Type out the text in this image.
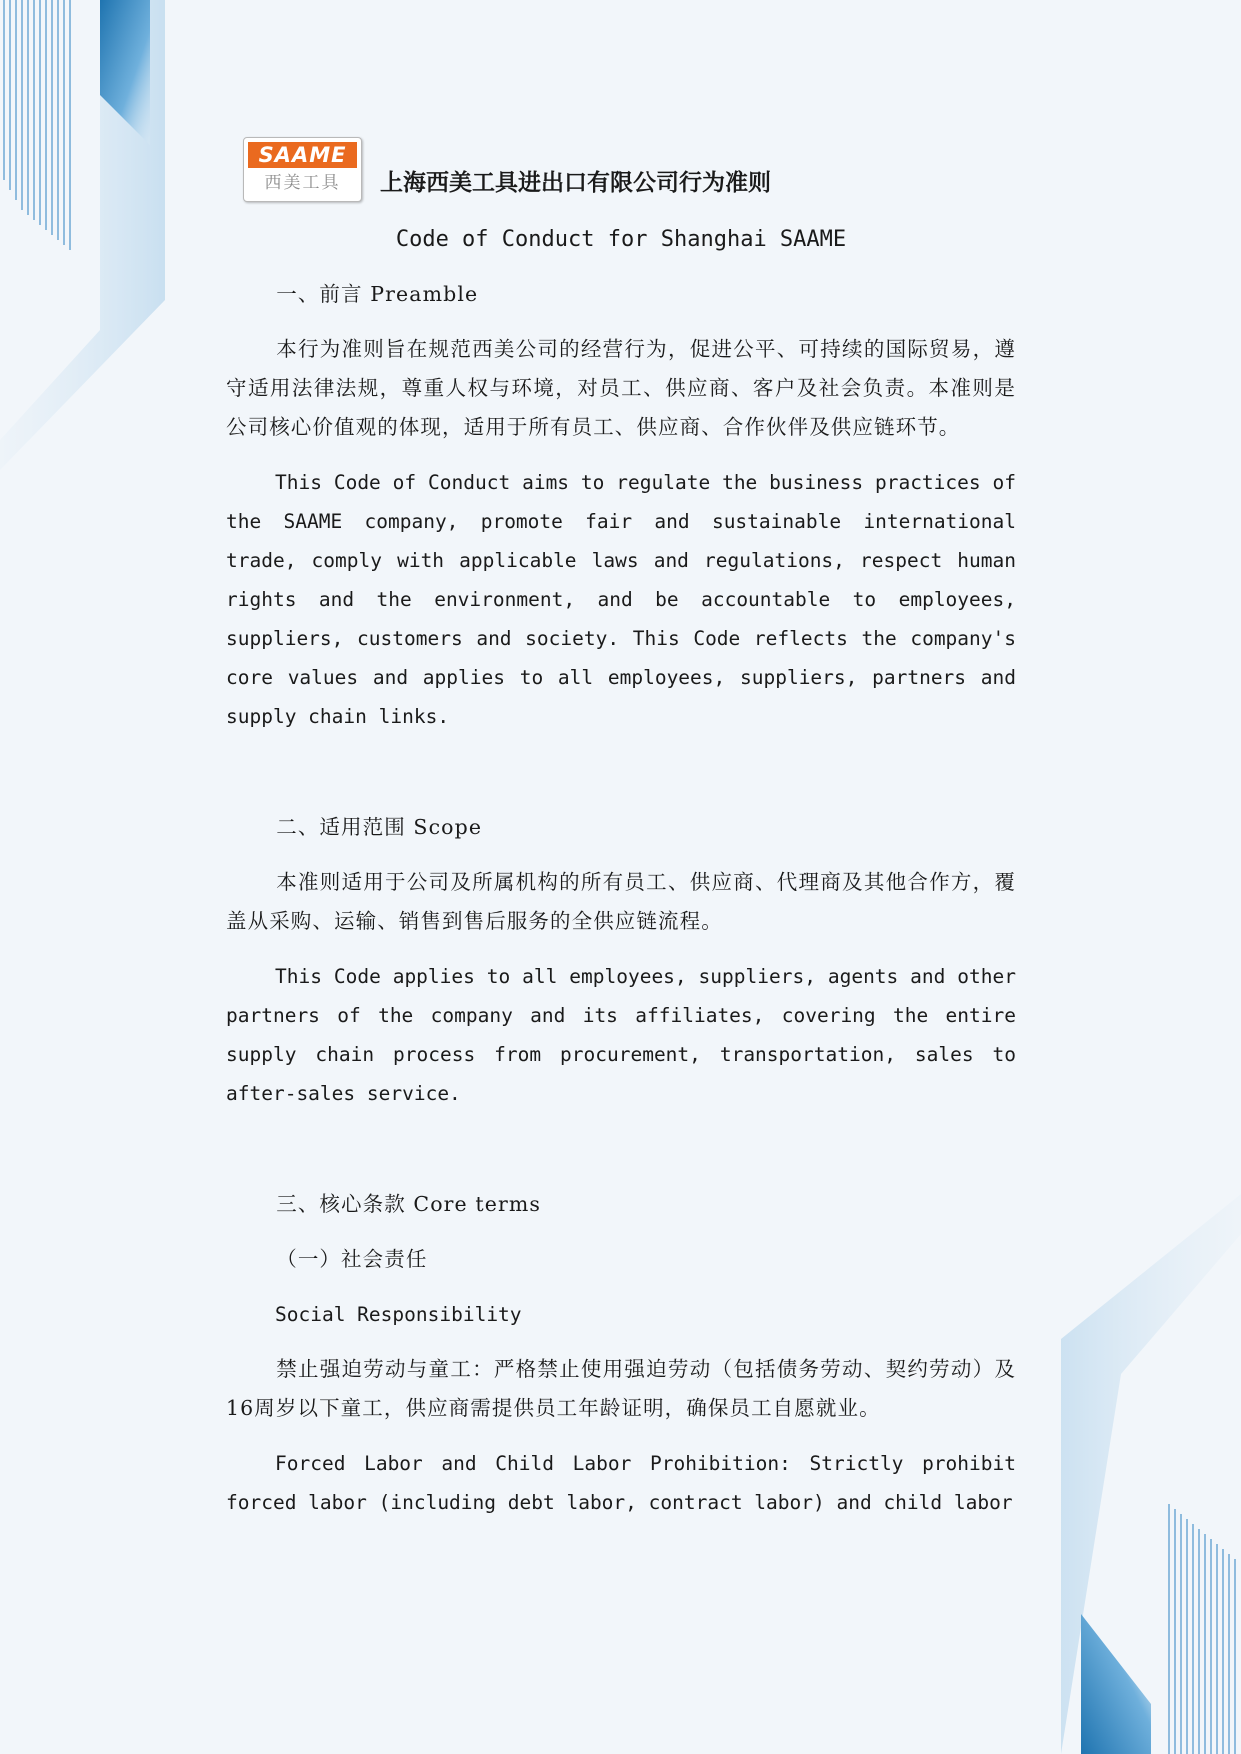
SAAME
西美工具	上海西美工具进出口有限公司行为准则
Code of Conduct for Shanghai SAAME

一、前言 Preamble

本行为准则旨在规范西美公司的经营行为，促进公平、可持续的国际贸易，遵守适用法律法规，尊重人权与环境，对员工、供应商、客户及社会负责。本准则是公司核心价值观的体现，适用于所有员工、供应商、合作伙伴及供应链环节。

This Code of Conduct aims to regulate the business practices of the SAAME company, promote fair and sustainable international trade, comply with applicable laws and regulations, respect human rights and the environment, and be accountable to employees, suppliers, customers and society. This Code reflects the company's core values and applies to all employees, suppliers, partners and supply chain links.

二、适用范围 Scope

本准则适用于公司及所属机构的所有员工、供应商、代理商及其他合作方，覆盖从采购、运输、销售到售后服务的全供应链流程。

This Code applies to all employees, suppliers, agents and other partners of the company and its affiliates, covering the entire supply chain process from procurement, transportation, sales to after-sales service.

三、核心条款 Core terms

（一）社会责任

Social Responsibility

禁止强迫劳动与童工：严格禁止使用强迫劳动（包括债务劳动、契约劳动）及16周岁以下童工，供应商需提供员工年龄证明，确保员工自愿就业。

Forced Labor and Child Labor Prohibition: Strictly prohibit forced labor (including debt labor, contract labor) and child labor
